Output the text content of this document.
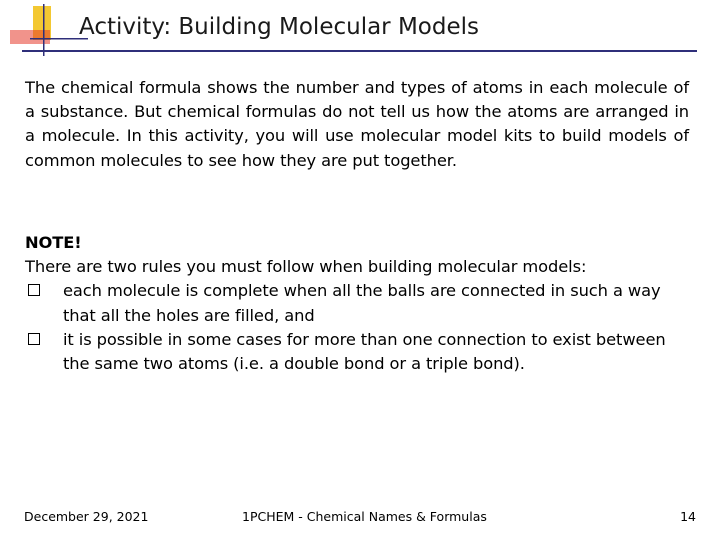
Activity: Building Molecular Models
The chemical formula shows the number and types of atoms in each molecule of a substance. But chemical formulas do not tell us how the atoms are arranged in a molecule. In this activity, you will use molecular model kits to build models of common molecules to see how they are put together.
NOTE!
There are two rules you must follow when building molecular models:
each molecule is complete when all the balls are connected in such a way that all the holes are filled, and
it is possible in some cases for more than one connection to exist between the same two atoms (i.e. a double bond or a triple bond).
December 29, 2021	1PCHEM - Chemical Names & Formulas	14
